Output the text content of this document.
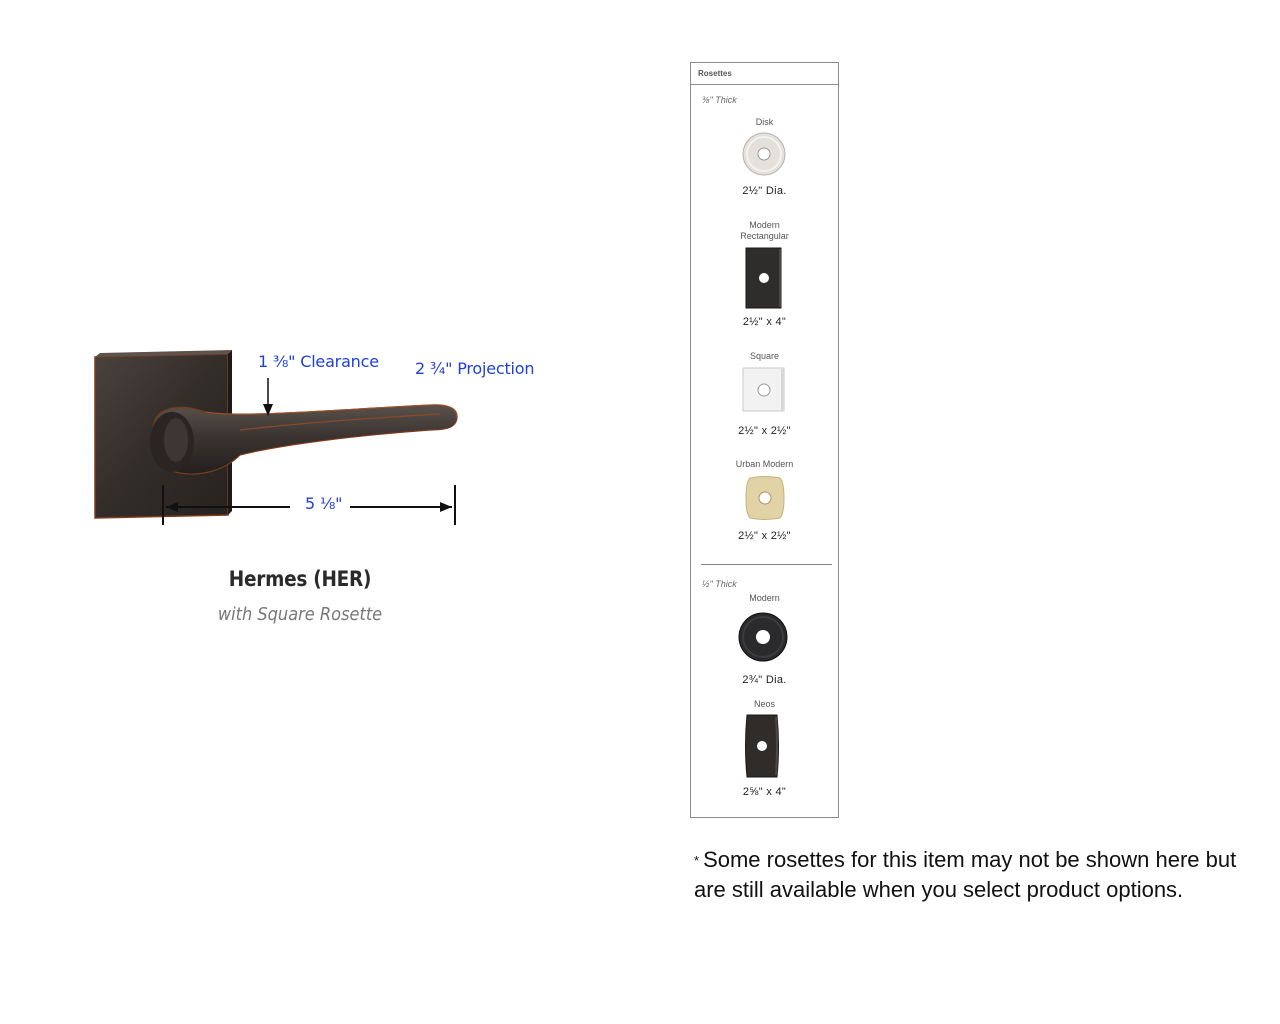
1 ⅜" Clearance 2 ¾" Projection
5 ⅛"
Hermes (HER)
with Square Rosette
Rosettes
⅜" Thick
Disk
2½" Dia.
Modern
Rectangular
2½" x 4"
Square
2½" x 2½"
Urban Modern
2½" x 2½"
½" Thick
Modern
2¾" Dia.
Neos
2⅝" x 4"
* Some rosettes for this item may not be shown here but are still available when you select product options.
